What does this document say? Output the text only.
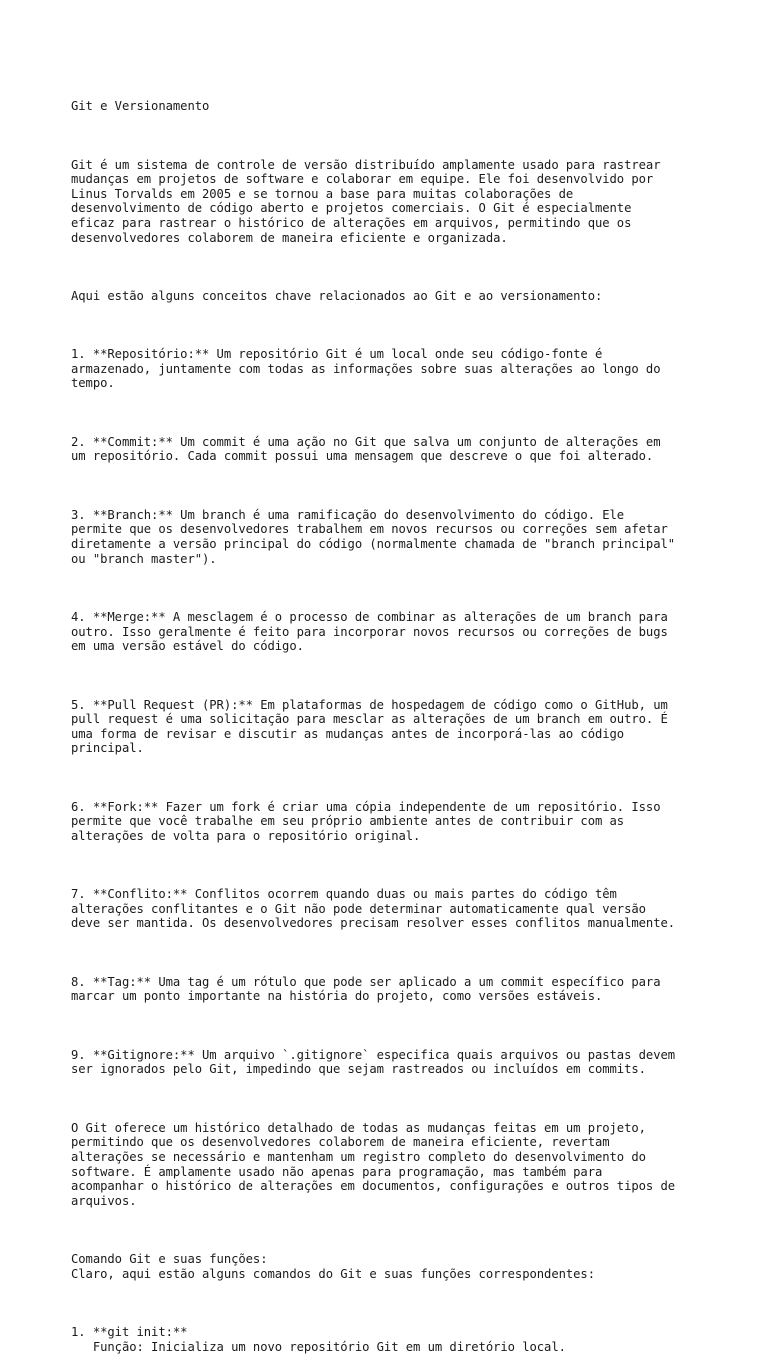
Git e Versionamento

Git é um sistema de controle de versão distribuído amplamente usado para rastrear
mudanças em projetos de software e colaborar em equipe. Ele foi desenvolvido por
Linus Torvalds em 2005 e se tornou a base para muitas colaborações de
desenvolvimento de código aberto e projetos comerciais. O Git é especialmente
eficaz para rastrear o histórico de alterações em arquivos, permitindo que os
desenvolvedores colaborem de maneira eficiente e organizada.

Aqui estão alguns conceitos chave relacionados ao Git e ao versionamento:

1. **Repositório:** Um repositório Git é um local onde seu código-fonte é
armazenado, juntamente com todas as informações sobre suas alterações ao longo do
tempo.

2. **Commit:** Um commit é uma ação no Git que salva um conjunto de alterações em
um repositório. Cada commit possui uma mensagem que descreve o que foi alterado.

3. **Branch:** Um branch é uma ramificação do desenvolvimento do código. Ele
permite que os desenvolvedores trabalhem em novos recursos ou correções sem afetar
diretamente a versão principal do código (normalmente chamada de "branch principal"
ou "branch master").

4. **Merge:** A mesclagem é o processo de combinar as alterações de um branch para
outro. Isso geralmente é feito para incorporar novos recursos ou correções de bugs
em uma versão estável do código.

5. **Pull Request (PR):** Em plataformas de hospedagem de código como o GitHub, um
pull request é uma solicitação para mesclar as alterações de um branch em outro. É
uma forma de revisar e discutir as mudanças antes de incorporá-las ao código
principal.

6. **Fork:** Fazer um fork é criar uma cópia independente de um repositório. Isso
permite que você trabalhe em seu próprio ambiente antes de contribuir com as
alterações de volta para o repositório original.

7. **Conflito:** Conflitos ocorrem quando duas ou mais partes do código têm
alterações conflitantes e o Git não pode determinar automaticamente qual versão
deve ser mantida. Os desenvolvedores precisam resolver esses conflitos manualmente.

8. **Tag:** Uma tag é um rótulo que pode ser aplicado a um commit específico para
marcar um ponto importante na história do projeto, como versões estáveis.

9. **Gitignore:** Um arquivo `.gitignore` especifica quais arquivos ou pastas devem
ser ignorados pelo Git, impedindo que sejam rastreados ou incluídos em commits.

O Git oferece um histórico detalhado de todas as mudanças feitas em um projeto,
permitindo que os desenvolvedores colaborem de maneira eficiente, revertam
alterações se necessário e mantenham um registro completo do desenvolvimento do
software. É amplamente usado não apenas para programação, mas também para
acompanhar o histórico de alterações em documentos, configurações e outros tipos de
arquivos.

Comando Git e suas funções:
Claro, aqui estão alguns comandos do Git e suas funções correspondentes:

1. **git init:**
Função: Inicializa um novo repositório Git em um diretório local.
